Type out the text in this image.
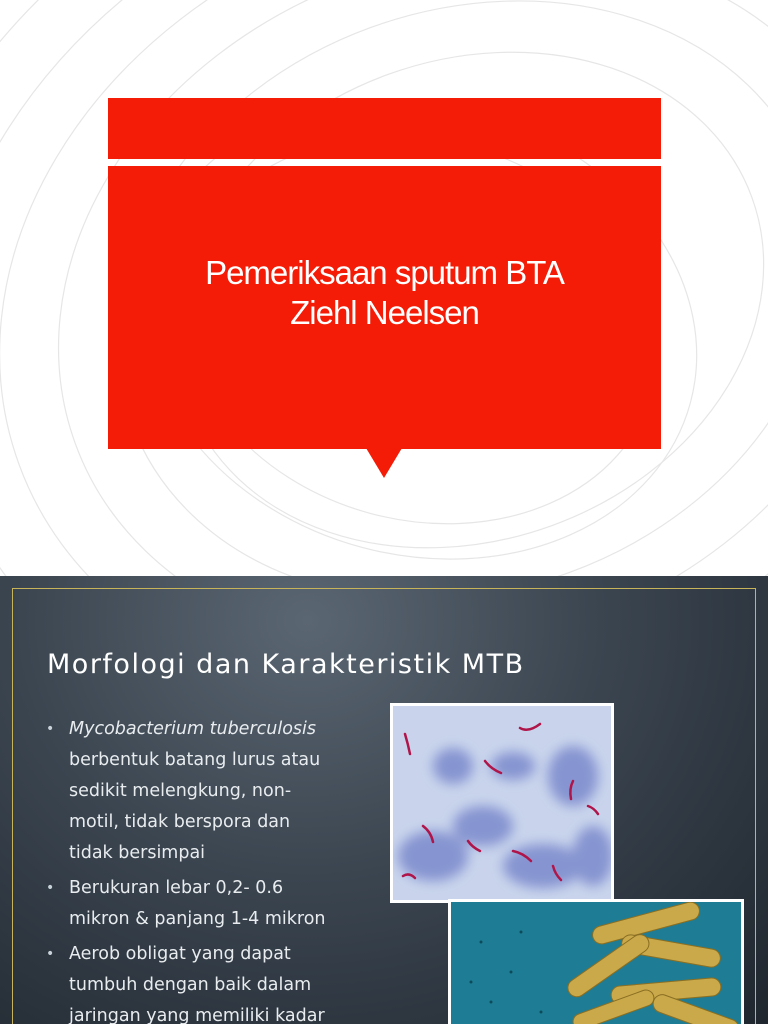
Pemeriksaan sputum BTA
Ziehl Neelsen
Morfologi dan Karakteristik MTB
• Mycobacterium tuberculosis
berbentuk batang lurus atau
sedikit melengkung, non-
motil, tidak berspora dan
tidak bersimpai
• Berukuran lebar 0,2- 0.6
mikron & panjang 1-4 mikron
• Aerob obligat yang dapat
tumbuh dengan baik dalam
jaringan yang memiliki kadar
